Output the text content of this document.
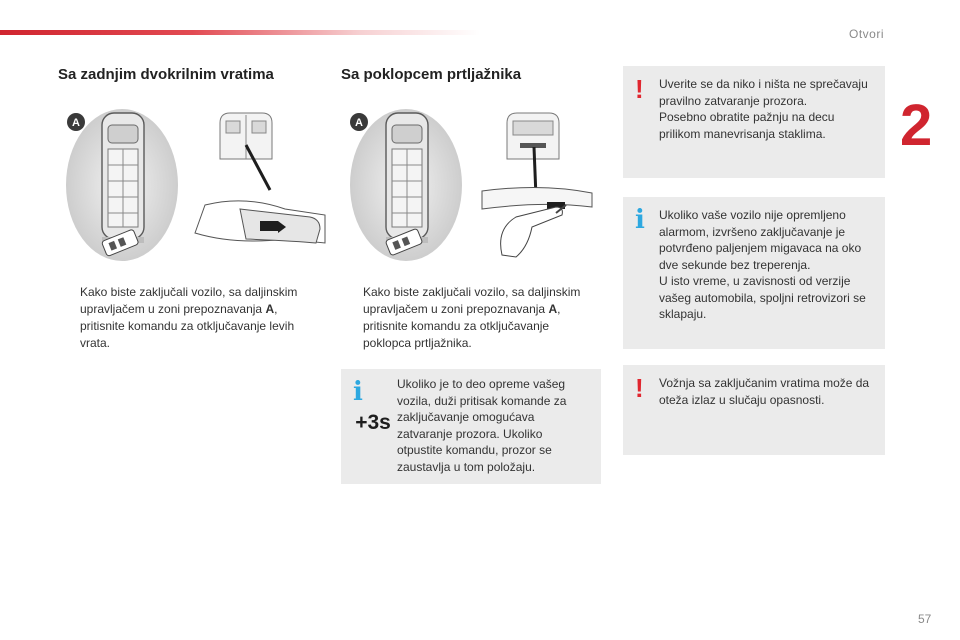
Otvori
2
Sa zadnjim dvokrilnim vratima
A
Kako biste zaključali vozilo, sa daljinskim upravljačem u zoni prepoznavanja A, pritisnite komandu za otključavanje levih vrata.
Sa poklopcem prtljažnika
A
Kako biste zaključali vozilo, sa daljinskim upravljačem u zoni prepoznavanja A, pritisnite komandu za otključavanje poklopca prtljažnika.
i
+3s

Ukoliko je to deo opreme vašeg vozila, duži pritisak komande za zaključavanje omogućava zatvaranje prozora. Ukoliko otpustite komandu, prozor se zaustavlja u tom položaju.

! Uverite se da niko i ništa ne sprečavaju pravilno zatvaranje prozora.

Posebno obratite pažnju na decu prilikom manevrisanja staklima.

i Ukoliko vaše vozilo nije opremljeno alarmom, izvršeno zaključavanje je potvrđeno paljenjem migavaca na oko dve sekunde bez treperenja.

U isto vreme, u zavisnosti od verzije vašeg automobila, spoljni retrovizori se sklapaju.

! Vožnja sa zaključanim vratima može da oteža izlaz u slučaju opasnosti.

57
